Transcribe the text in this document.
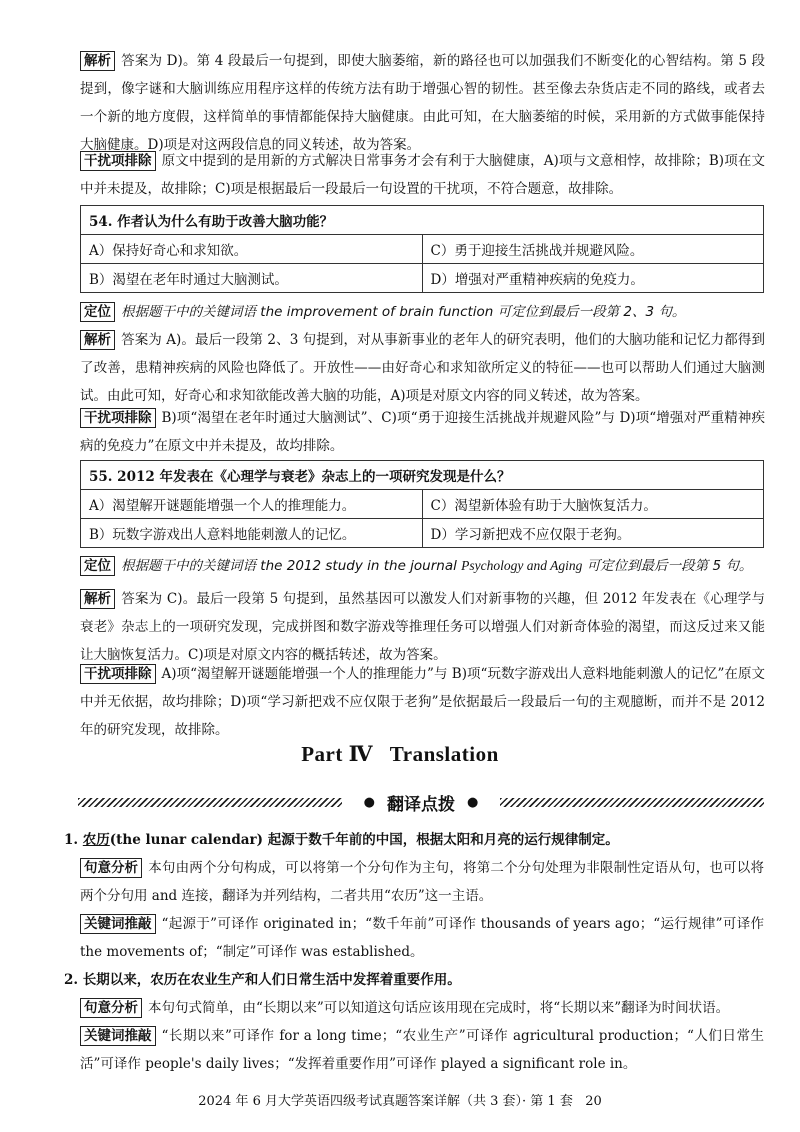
解析 答案为 D)。第 4 段最后一句提到，即使大脑萎缩，新的路径也可以加强我们不断变化的心智结构。第 5 段提到，像字谜和大脑训练应用程序这样的传统方法有助于增强心智的韧性。甚至像去杂货店走不同的路线，或者去一个新的地方度假，这样简单的事情都能保持大脑健康。由此可知，在大脑萎缩的时候，采用新的方式做事能保持大脑健康。D)项是对这两段信息的同义转述，故为答案。
干扰项排除 原文中提到的是用新的方式解决日常事务才会有利于大脑健康，A)项与文意相悖，故排除；B)项在文中并未提及，故排除；C)项是根据最后一段最后一句设置的干扰项，不符合题意，故排除。
54. 作者认为什么有助于改善大脑功能？	
A）保持好奇心和求知欲。	C）勇于迎接生活挑战并规避风险。
B）渴望在老年时通过大脑测试。	D）增强对严重精神疾病的免疫力。
定位 根据题干中的关键词语 the improvement of brain function 可定位到最后一段第 2、3 句。
解析 答案为 A)。最后一段第 2、3 句提到，对从事新事业的老年人的研究表明，他们的大脑功能和记忆力都得到了改善，患精神疾病的风险也降低了。开放性——由好奇心和求知欲所定义的特征——也可以帮助人们通过大脑测试。由此可知，好奇心和求知欲能改善大脑的功能，A)项是对原文内容的同义转述，故为答案。
干扰项排除 B)项“渴望在老年时通过大脑测试”、C)项“勇于迎接生活挑战并规避风险”与 D)项“增强对严重精神疾病的免疫力”在原文中并未提及，故均排除。
55. 2012 年发表在《心理学与衰老》杂志上的一项研究发现是什么？	
A）渴望解开谜题能增强一个人的推理能力。	C）渴望新体验有助于大脑恢复活力。
B）玩数字游戏出人意料地能刺激人的记忆。	D）学习新把戏不应仅限于老狗。
定位 根据题干中的关键词语 the 2012 study in the journal Psychology and Aging 可定位到最后一段第 5 句。
解析 答案为 C)。最后一段第 5 句提到，虽然基因可以激发人们对新事物的兴趣，但 2012 年发表在《心理学与衰老》杂志上的一项研究发现，完成拼图和数字游戏等推理任务可以增强人们对新奇体验的渴望，而这反过来又能让大脑恢复活力。C)项是对原文内容的概括转述，故为答案。
干扰项排除 A)项“渴望解开谜题能增强一个人的推理能力”与 B)项“玩数字游戏出人意料地能刺激人的记忆”在原文中并无依据，故均排除；D)项“学习新把戏不应仅限于老狗”是依据最后一段最后一句的主观臆断，而并不是 2012 年的研究发现，故排除。
Part Ⅳ   Translation
● 翻译点拨 ●
1. 农历(the lunar calendar) 起源于数千年前的中国，根据太阳和月亮的运行规律制定。
句意分析 本句由两个分句构成，可以将第一个分句作为主句，将第二个分句处理为非限制性定语从句，也可以将两个分句用 and 连接，翻译为并列结构，二者共用“农历”这一主语。
关键词推敲 “起源于”可译作 originated in；“数千年前”可译作 thousands of years ago；“运行规律”可译作 the movements of；“制定”可译作 was established。
2. 长期以来，农历在农业生产和人们日常生活中发挥着重要作用。
句意分析 本句句式简单，由“长期以来”可以知道这句话应该用现在完成时，将“长期以来”翻译为时间状语。
关键词推敲 “长期以来”可译作 for a long time；“农业生产”可译作 agricultural production；“人们日常生活”可译作 people's daily lives；“发挥着重要作用”可译作 played a significant role in。
2024 年 6 月大学英语四级考试真题答案详解（共 3 套）· 第 1 套   20
